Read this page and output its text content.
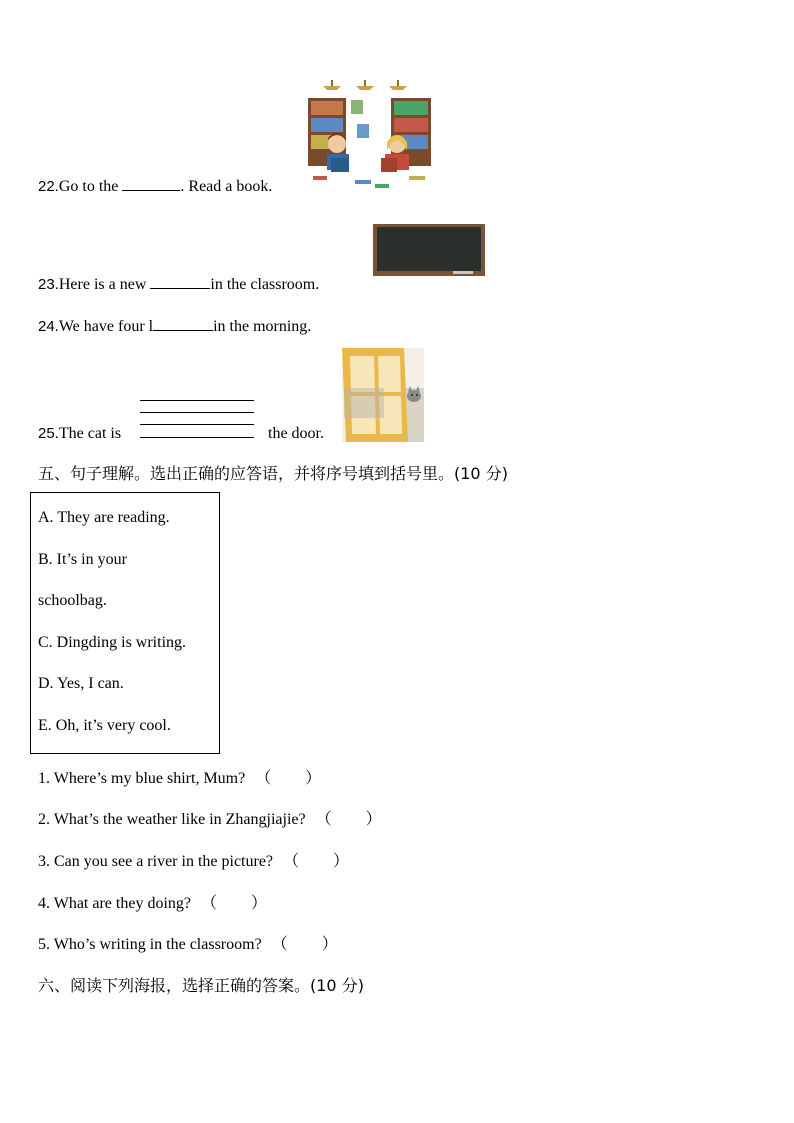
22.Go to the	. Read a book.
23.Here is a new	in the classroom.
24.We have four l	in the morning.
25.The cat is	the door.
五、句子理解。选出正确的应答语，并将序号填到括号里。(10 分)
A. They are reading.
B. It’s in your
schoolbag.
C. Dingding is writing.
D. Yes, I can.
E. Oh, it’s very cool.
1. Where’s my blue shirt, Mum? （ ）
2. What’s the weather like in Zhangjiajie? （ ）
3. Can you see a river in the picture? （ ）
4. What are they doing? （ ）
5. Who’s writing in the classroom? （ ）
六、阅读下列海报，选择正确的答案。(10 分)
